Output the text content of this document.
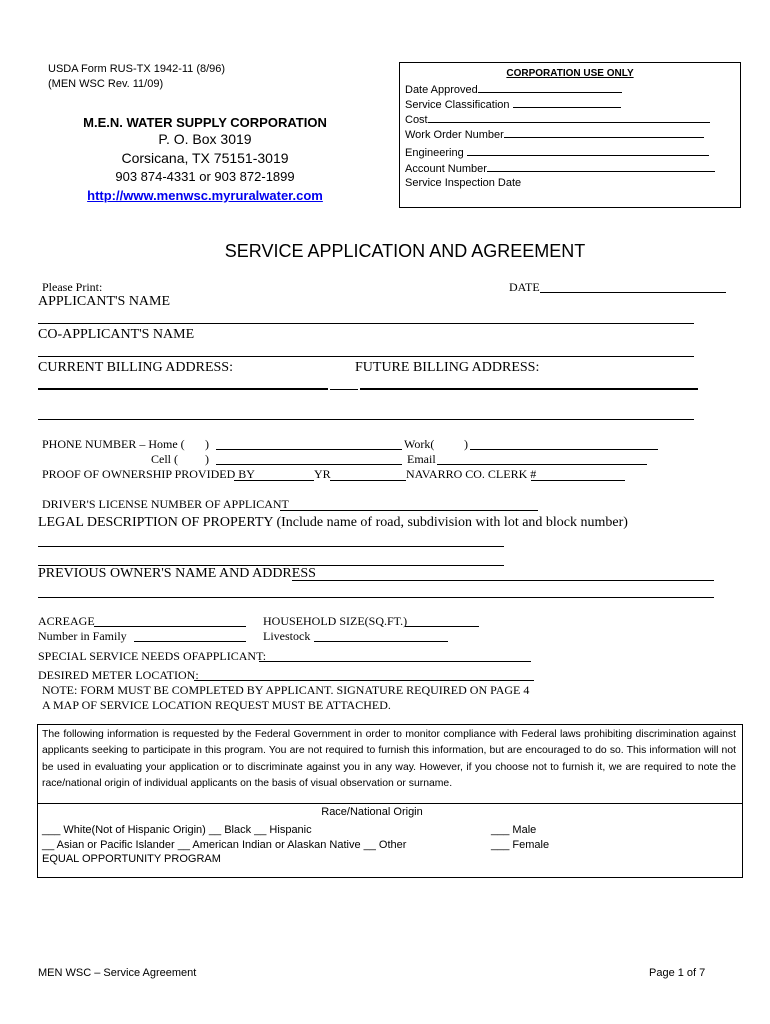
USDA Form RUS-TX 1942-11 (8/96)
(MEN WSC Rev. 11/09)
M.E.N. WATER SUPPLY CORPORATION
P. O. Box 3019
Corsicana, TX 75151-3019
903 874-4331 or 903 872-1899
http://www.menwsc.myruralwater.com
CORPORATION USE ONLY
Date Approved
Service Classification
Cost
Work Order Number
Engineering
Account Number
Service Inspection Date
SERVICE APPLICATION AND AGREEMENT
Please Print:	DATE
APPLICANT'S NAME
CO-APPLICANT'S NAME
CURRENT BILLING ADDRESS:	FUTURE BILLING ADDRESS:
PHONE NUMBER – Home ( )	Work( )
Cell ( )	Email
PROOF OF OWNERSHIP PROVIDED BY	YR	NAVARRO CO. CLERK #
DRIVER'S LICENSE NUMBER OF APPLICANT
LEGAL DESCRIPTION OF PROPERTY (Include name of road, subdivision with lot and block number)
PREVIOUS OWNER'S NAME AND ADDRESS
ACREAGE	HOUSEHOLD SIZE(SQ.FT.)
Number in Family	Livestock
SPECIAL SERVICE NEEDS OFAPPLICANT:
DESIRED METER LOCATION:
NOTE: FORM MUST BE COMPLETED BY APPLICANT. SIGNATURE REQUIRED ON PAGE 4
A MAP OF SERVICE LOCATION REQUEST MUST BE ATTACHED.
The following information is requested by the Federal Government in order to monitor compliance with Federal laws prohibiting discrimination against applicants seeking to participate in this program. You are not required to furnish this information, but are encouraged to do so. This information will not be used in evaluating your application or to discriminate against you in any way. However, if you choose not to furnish it, we are required to note the race/national origin of individual applicants on the basis of visual observation or surname.
Race/National Origin
___ White(Not of Hispanic Origin) __ Black __ Hispanic
__ Asian or Pacific Islander __ American Indian or Alaskan Native __ Other
EQUAL OPPORTUNITY PROGRAM
___ Male
___ Female
MEN WSC – Service Agreement	Page 1 of 7
